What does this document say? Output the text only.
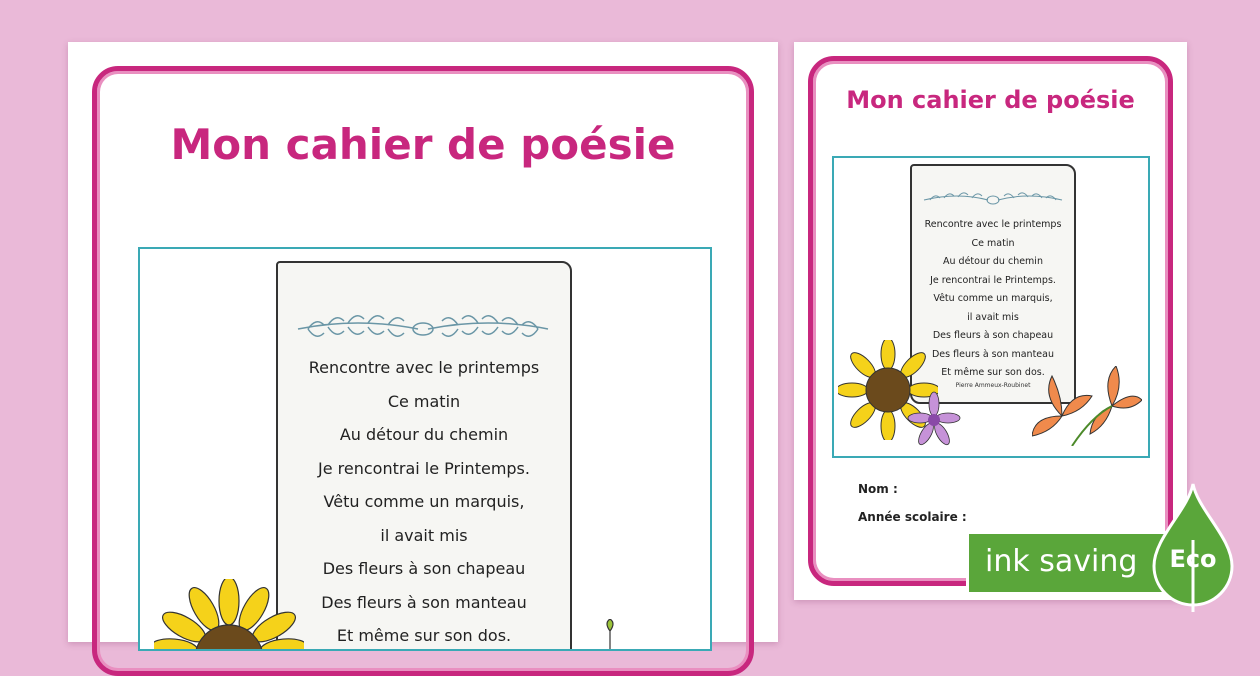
Mon cahier de poésie
Rencontre avec le printemps
Ce matin
Au détour du chemin
Je rencontrai le Printemps.
Vêtu comme un marquis,
il avait mis
Des fleurs à son chapeau
Des fleurs à son manteau
Et même sur son dos.
Mon cahier de poésie
Rencontre avec le printemps
Ce matin
Au détour du chemin
Je rencontrai le Printemps.
Vêtu comme un marquis,
il avait mis
Des fleurs à son chapeau
Des fleurs à son manteau
Et même sur son dos.
Pierre Ammeux-Roubinet
Nom :
Année scolaire :
ink saving	Eco
